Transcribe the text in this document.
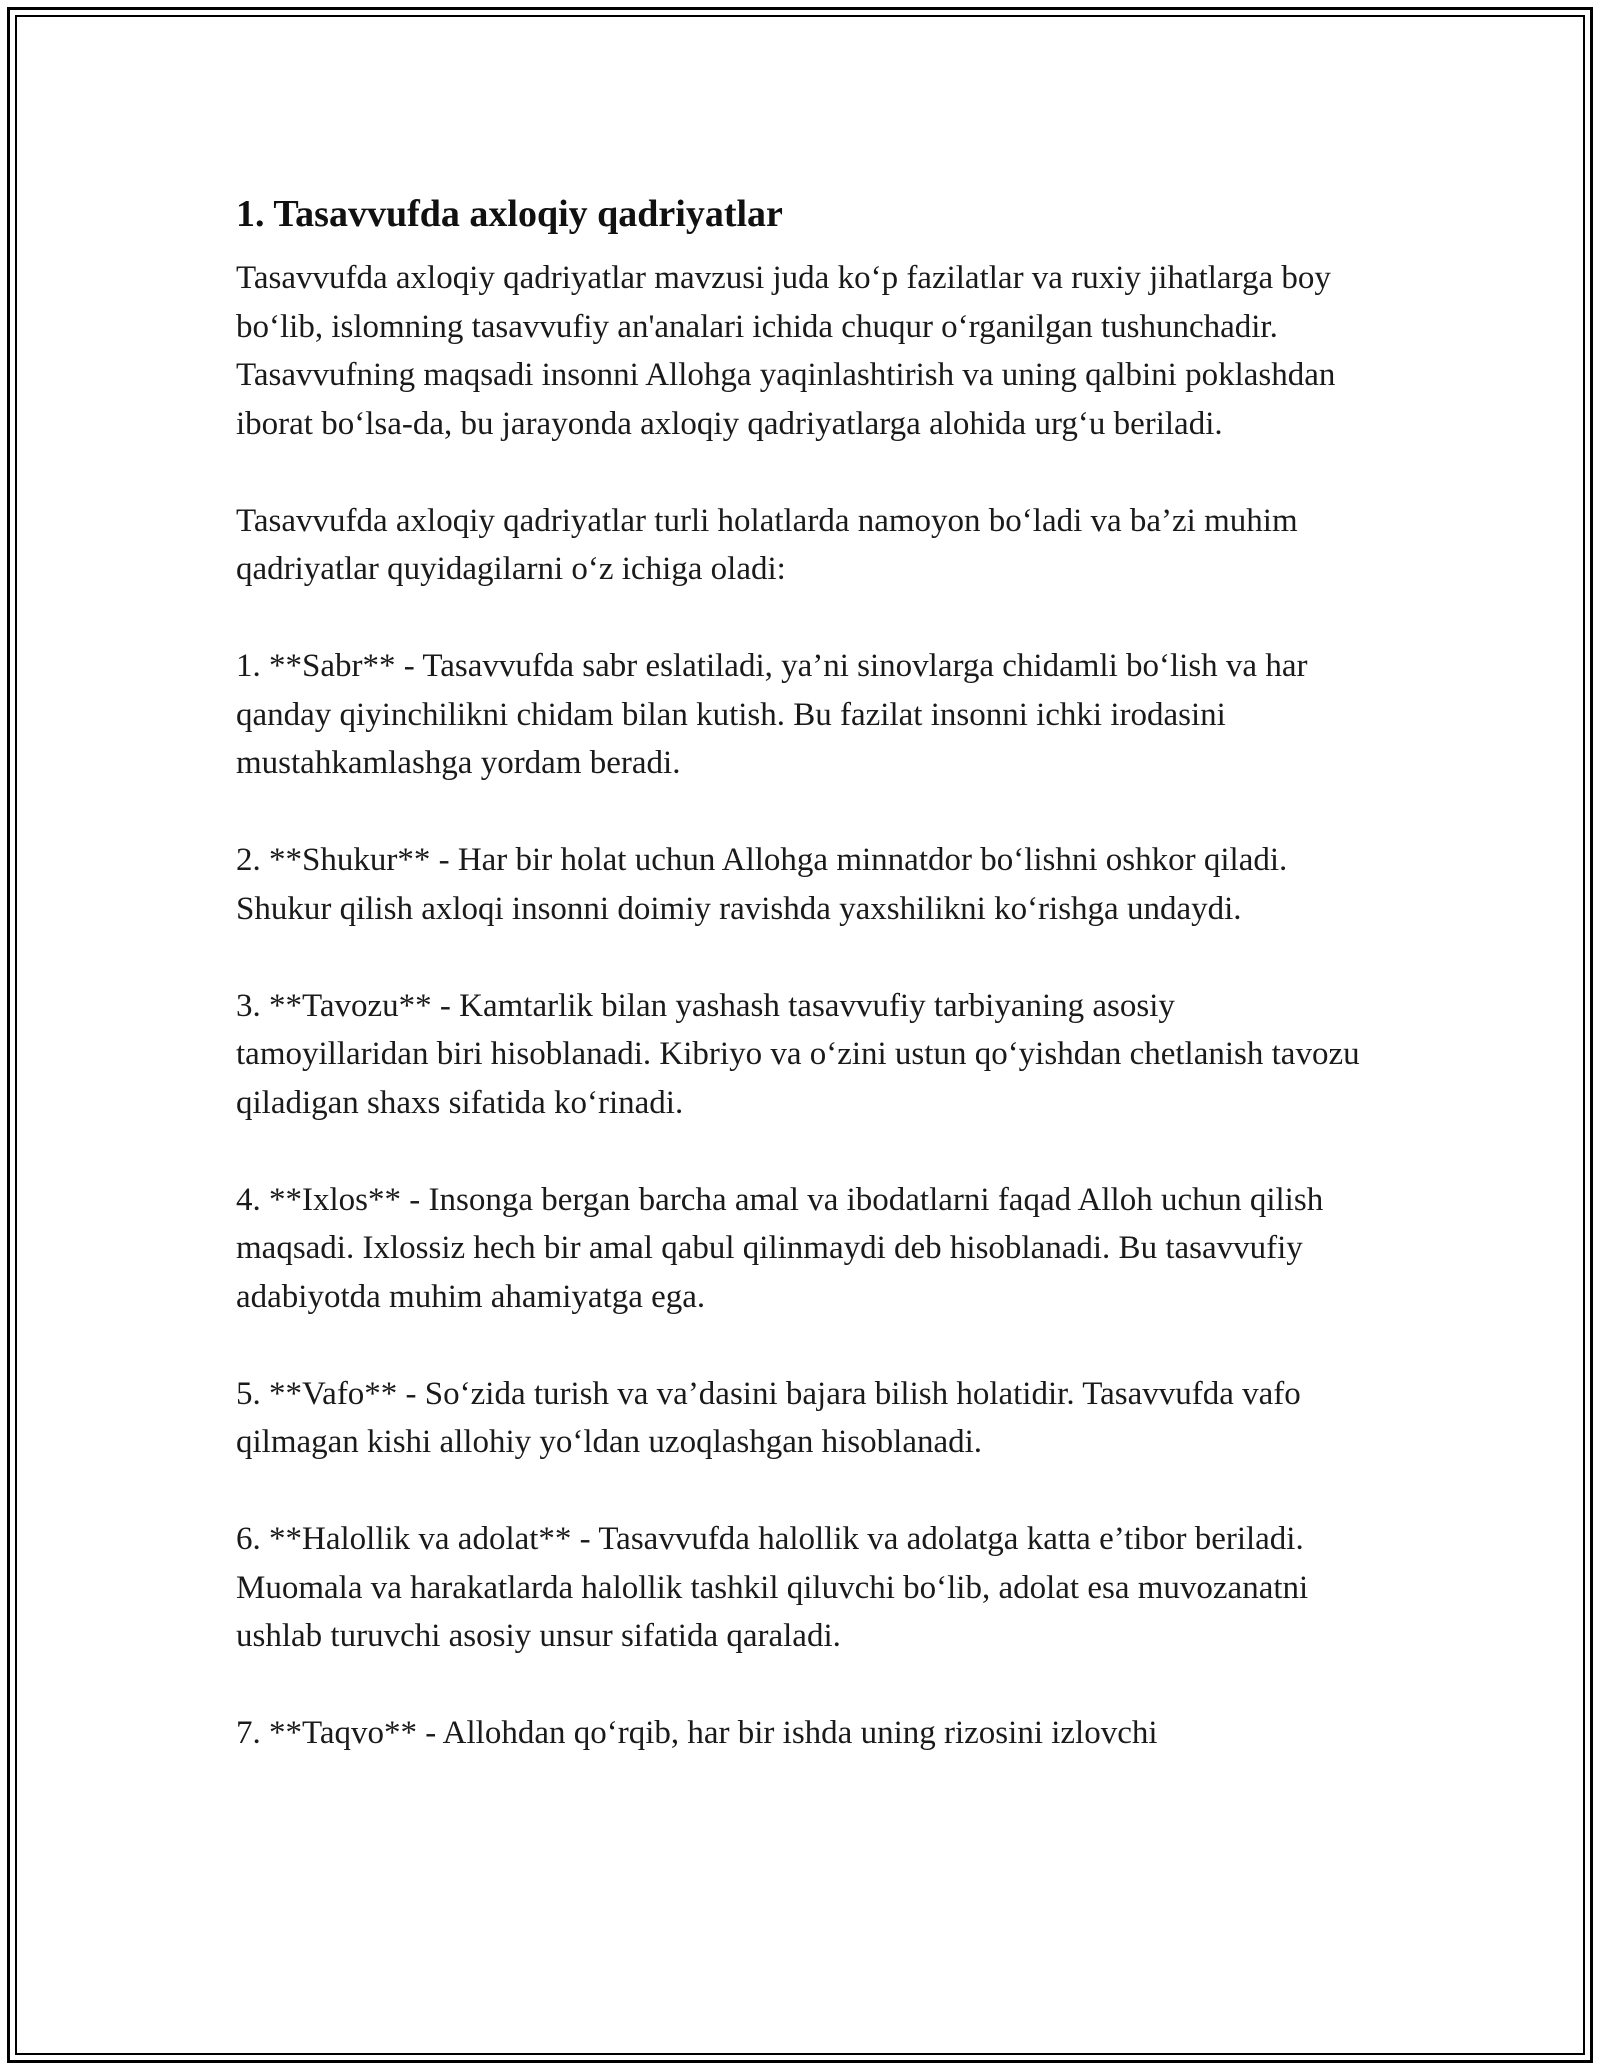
1. Tasavvufda axloqiy qadriyatlar

Tasavvufda axloqiy qadriyatlar mavzusi juda ko‘p fazilatlar va ruxiy jihatlarga boy bo‘lib, islomning tasavvufiy an'analari ichida chuqur o‘rganilgan tushunchadir. Tasavvufning maqsadi insonni Allohga yaqinlashtirish va uning qalbini poklashdan iborat bo‘lsa-da, bu jarayonda axloqiy qadriyatlarga alohida urg‘u beriladi.

Tasavvufda axloqiy qadriyatlar turli holatlarda namoyon bo‘ladi va ba’zi muhim qadriyatlar quyidagilarni o‘z ichiga oladi:

1. **Sabr** - Tasavvufda sabr eslatiladi, ya’ni sinovlarga chidamli bo‘lish va har qanday qiyinchilikni chidam bilan kutish. Bu fazilat insonni ichki irodasini mustahkamlashga yordam beradi.

2. **Shukur** - Har bir holat uchun Allohga minnatdor bo‘lishni oshkor qiladi. Shukur qilish axloqi insonni doimiy ravishda yaxshilikni ko‘rishga undaydi.

3. **Tavozu** - Kamtarlik bilan yashash tasavvufiy tarbiyaning asosiy tamoyillaridan biri hisoblanadi. Kibriyo va o‘zini ustun qo‘yishdan chetlanish tavozu qiladigan shaxs sifatida ko‘rinadi.

4. **Ixlos** - Insonga bergan barcha amal va ibodatlarni faqad Alloh uchun qilish maqsadi. Ixlossiz hech bir amal qabul qilinmaydi deb hisoblanadi. Bu tasavvufiy adabiyotda muhim ahamiyatga ega.

5. **Vafo** - So‘zida turish va va’dasini bajara bilish holatidir. Tasavvufda vafo qilmagan kishi allohiy yo‘ldan uzoqlashgan hisoblanadi.

6. **Halollik va adolat** - Tasavvufda halollik va adolatga katta e’tibor beriladi. Muomala va harakatlarda halollik tashkil qiluvchi bo‘lib, adolat esa muvozanatni ushlab turuvchi asosiy unsur sifatida qaraladi.

7. **Taqvo** - Allohdan qo‘rqib, har bir ishda uning rizosini izlovchi
